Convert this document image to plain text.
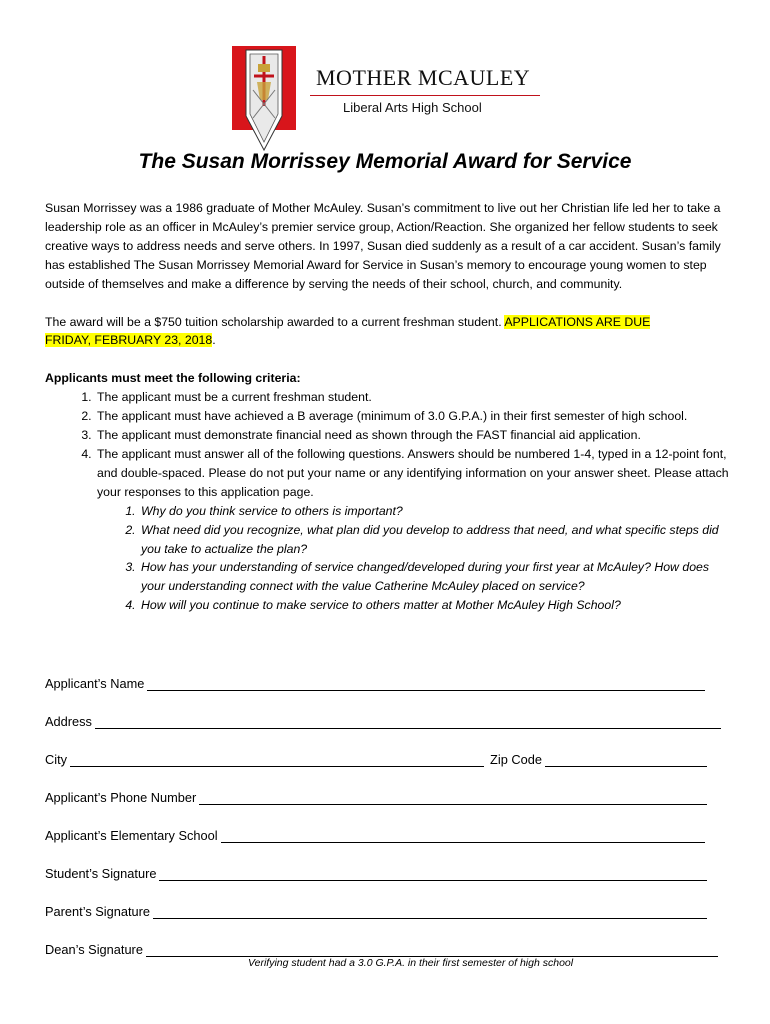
MOTHER MCAULEY
Liberal Arts High School
The Susan Morrissey Memorial Award for Service

Susan Morrissey was a 1986 graduate of Mother McAuley. Susan’s commitment to live out her Christian life led her to take a leadership role as an officer in McAuley’s premier service group, Action/Reaction. She organized her fellow students to seek creative ways to address needs and serve others. In 1997, Susan died suddenly as a result of a car accident. Susan’s family has established The Susan Morrissey Memorial Award for Service in Susan’s memory to encourage young women to step outside of themselves and make a difference by serving the needs of their school, church, and community.

The award will be a $750 tuition scholarship awarded to a current freshman student. APPLICATIONS ARE DUE
FRIDAY, FEBRUARY 23, 2018.

Applicants must meet the following criteria:

1. The applicant must be a current freshman student.
2. The applicant must have achieved a B average (minimum of 3.0 G.P.A.) in their first semester of high school.
3. The applicant must demonstrate financial need as shown through the FAST financial aid application.
4. The applicant must answer all of the following questions. Answers should be numbered 1-4, typed in a 12-point font, and double-spaced. Please do not put your name or any identifying information on your answer sheet. Please attach your responses to this application page.
1. Why do you think service to others is important?
2. What need did you recognize, what plan did you develop to address that need, and what specific steps did you take to actualize the plan?
3. How has your understanding of service changed/developed during your first year at McAuley? How does your understanding connect with the value Catherine McAuley placed on service?
4. How will you continue to make service to others matter at Mother McAuley High School?
Applicant’s Name
Address
City	Zip Code
Applicant’s Phone Number
Applicant’s Elementary School
Student’s Signature
Parent’s Signature
Dean’s Signature
Verifying student had a 3.0 G.P.A. in their first semester of high school
